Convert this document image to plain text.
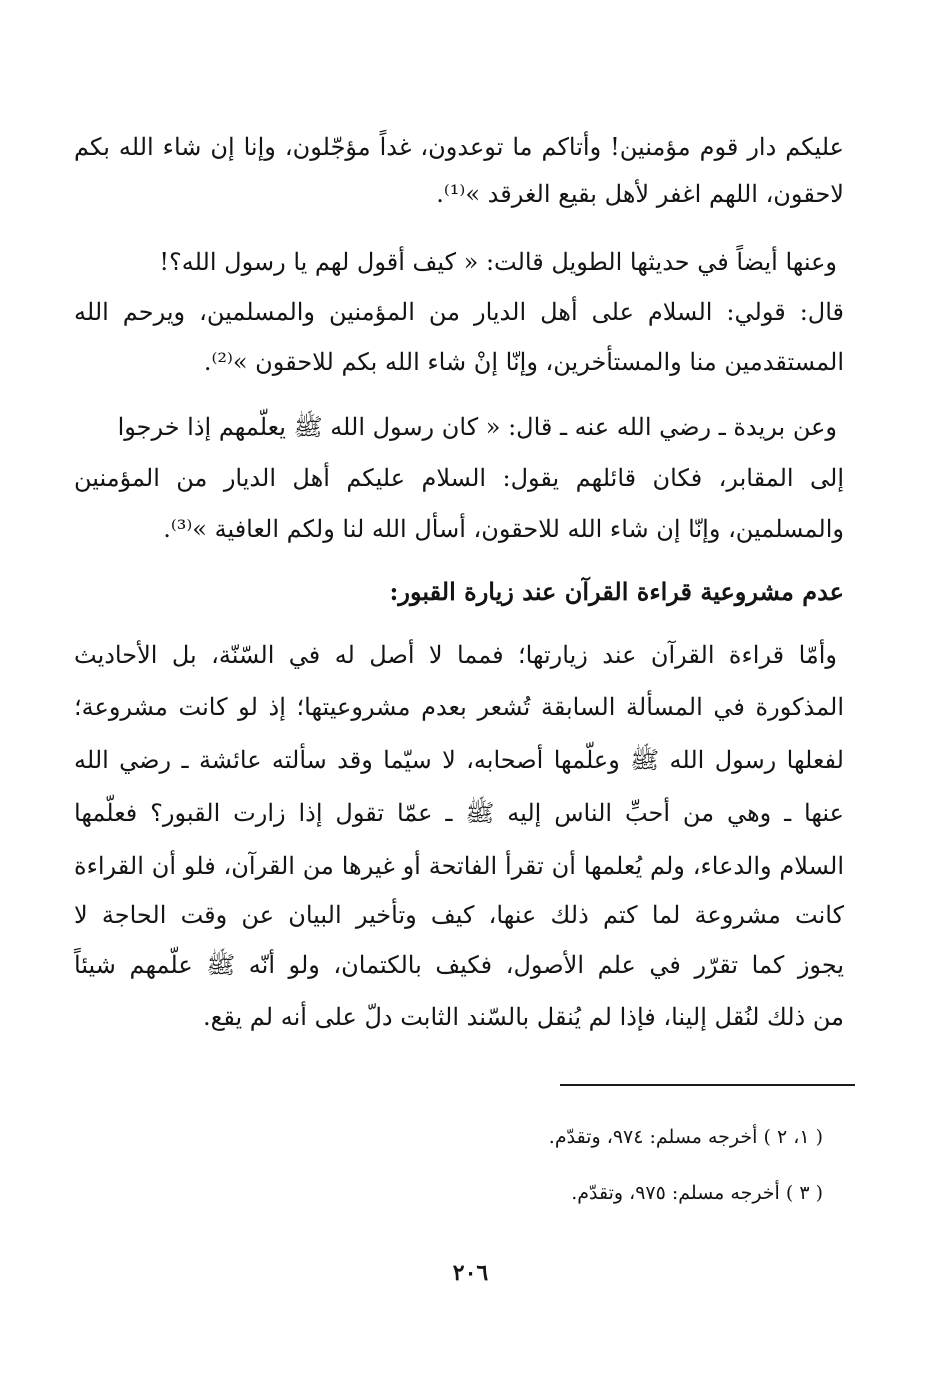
عليكم دار قوم مؤمنين! وأتاكم ما توعدون، غداً مؤجّلون، وإنا إن شاء الله بكم
لاحقون، اللهم اغفر لأهل بقيع الغرقد »⁽¹⁾.
وعنها أيضاً في حديثها الطويل قالت: « كيف أقول لهم يا رسول الله؟!
قال: قولي: السلام على أهل الديار من المؤمنين والمسلمين، ويرحم الله
المستقدمين منا والمستأخرين، وإنّا إنْ شاء الله بكم للاحقون »⁽²⁾.
وعن بريدة ـ رضي الله عنه ـ قال: « كان رسول الله ﷺ يعلّمهم إذا خرجوا
إلى المقابر، فكان قائلهم يقول: السلام عليكم أهل الديار من المؤمنين
والمسلمين، وإنّا إن شاء الله للاحقون، أسأل الله لنا ولكم العافية »⁽³⁾.
عدم مشروعية قراءة القرآن عند زيارة القبور:
وأمّا قراءة القرآن عند زيارتها؛ فمما لا أصل له في السّنّة، بل الأحاديث
المذكورة في المسألة السابقة تُشعر بعدم مشروعيتها؛ إذ لو كانت مشروعة؛
لفعلها رسول الله ﷺ وعلّمها أصحابه، لا سيّما وقد سألته عائشة ـ رضي الله
عنها ـ وهي من أحبِّ الناس إليه ﷺ ـ عمّا تقول إذا زارت القبور؟ فعلّمها
السلام والدعاء، ولم يُعلمها أن تقرأ الفاتحة أو غيرها من القرآن، فلو أن القراءة
كانت مشروعة لما كتم ذلك عنها، كيف وتأخير البيان عن وقت الحاجة لا
يجوز كما تقرّر في علم الأصول، فكيف بالكتمان، ولو أنّه ﷺ علّمهم شيئاً
من ذلك لنُقل إلينا، فإذا لم يُنقل بالسّند الثابت دلّ على أنه لم يقع.
( ١، ٢ ) أخرجه مسلم: ٩٧٤، وتقدّم.
( ٣ ) أخرجه مسلم: ٩٧٥، وتقدّم.
٢٠٦
